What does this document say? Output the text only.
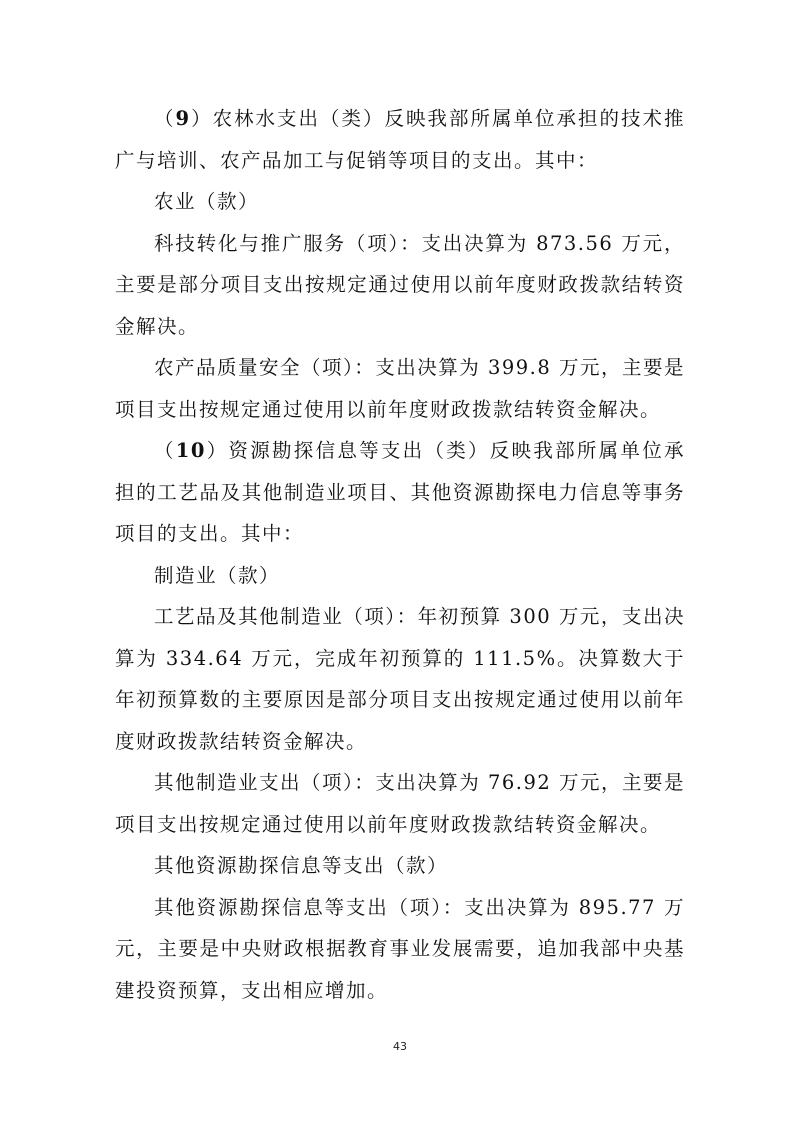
（9）农林水支出（类）反映我部所属单位承担的技术推广与培训、农产品加工与促销等项目的支出。其中：

农业（款）

科技转化与推广服务（项）：支出决算为 873.56 万元，主要是部分项目支出按规定通过使用以前年度财政拨款结转资金解决。

农产品质量安全（项）：支出决算为 399.8 万元，主要是项目支出按规定通过使用以前年度财政拨款结转资金解决。

（10）资源勘探信息等支出（类）反映我部所属单位承担的工艺品及其他制造业项目、其他资源勘探电力信息等事务项目的支出。其中：

制造业（款）

工艺品及其他制造业（项）：年初预算 300 万元，支出决算为 334.64 万元，完成年初预算的 111.5%。决算数大于年初预算数的主要原因是部分项目支出按规定通过使用以前年度财政拨款结转资金解决。

其他制造业支出（项）：支出决算为 76.92 万元，主要是项目支出按规定通过使用以前年度财政拨款结转资金解决。

其他资源勘探信息等支出（款）

其他资源勘探信息等支出（项）：支出决算为 895.77 万元，主要是中央财政根据教育事业发展需要，追加我部中央基建投资预算，支出相应增加。

43
